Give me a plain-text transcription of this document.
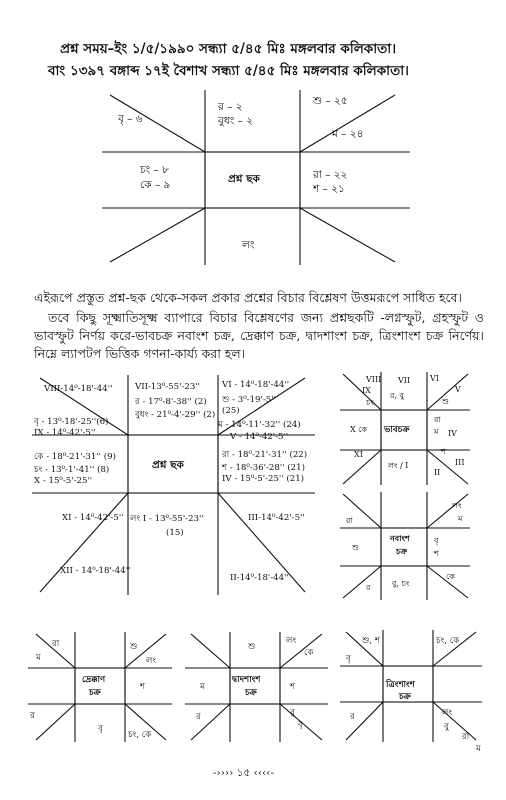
প্রশ্ন সময়–ইং ১/৫/১৯৯০ সন্ধ্যা ৫/৪৫ মিঃ মঙ্গলবার কলিকাতা।
বাং ১৩৯৭ বঙ্গাব্দ ১৭ই বৈশাখ সন্ধ্যা ৫/৪৫ মিঃ মঙ্গলবার কলিকাতা।
বৃ – ৬
র – ২
বুধং – ২
শু – ২৫
ম – ২৪
চং – ৮
কে – ৯	প্রশ্ন ছক	রা – ২২
শ – ২১
লং
এইরূপে প্রস্তুত প্রশ্ন-ছক থেকে-সকল প্রকার প্রশ্নের বিচার বিশ্লেষণ উত্তমরূপে সাধিত হবে।
তবে কিছু সূক্ষ্মাতিসূক্ষ্ম ব্যাপারে বিচার বিশ্লেষণের জন্য প্রশ্নছকটি -লগ্নস্ফুট, গ্রহস্ফুট ও ভাবস্ফুট নির্ণয় করে-ভাবচক্র নবাংশ চক্র, দ্রেক্কাণ চক্র, দ্বাদশাংশ চক্র, ত্রিংশাংশ চক্র নির্ণেয়। নিম্নে ল্যাপটপ ভিত্তিক গণনা-কার্য্য করা হল।
VIII-14⁰-18'-44''	VII-13⁰-55'-23''
র - 17⁰-8'-38'' (2)
বুধং - 21⁰-4'-29'' (2)
VI - 14⁰-18'-44''
শু - 3⁰-19'-5''
(25)
বৃ - 13⁰-18'-25''(6)
IX - 14⁰-42'-5''
ম - 14⁰-11'-32'' (24)
V - 14⁰-42'-5''
কে - 18⁰-21'-31'' (9)
চং - 13⁰-1'-41'' (8)
X - 15⁰-5'-25''
প্রশ্ন ছক
রা - 18⁰-21'-31'' (22)
শ - 18⁰-36'-28'' (21)
IV - 15⁰-5'-25'' (21)
XI - 14⁰-42'-5'' লং I - 13⁰-55'-23''
(15)
III-14⁰-42'-5''
XII - 14⁰-18'-44''
II-14⁰-18'-44''
VIII
IX
চং
VII
র, বু
VI
V
শু
X কে ভাবচক্র
রা
ম IV
XI
লং / I
শ
III
II
রা
লং
ম
শু
নবাংশ
চক্র
বৃ
শ
বু, চং
কে
র
রা
ম
শু
লং
দ্রেক্কাণ
চক্র
শ
র
বৃ
চং, কে
শু
লং
কে
ম
দ্বাদশাংশ
চক্র
শ
র	বু
বৃ
শু, শ	চং, কে
বৃ
ত্রিংশাংশ
চক্র
র	লং
বু
রা
ম
-›››› ১৫ ‹‹‹‹-
